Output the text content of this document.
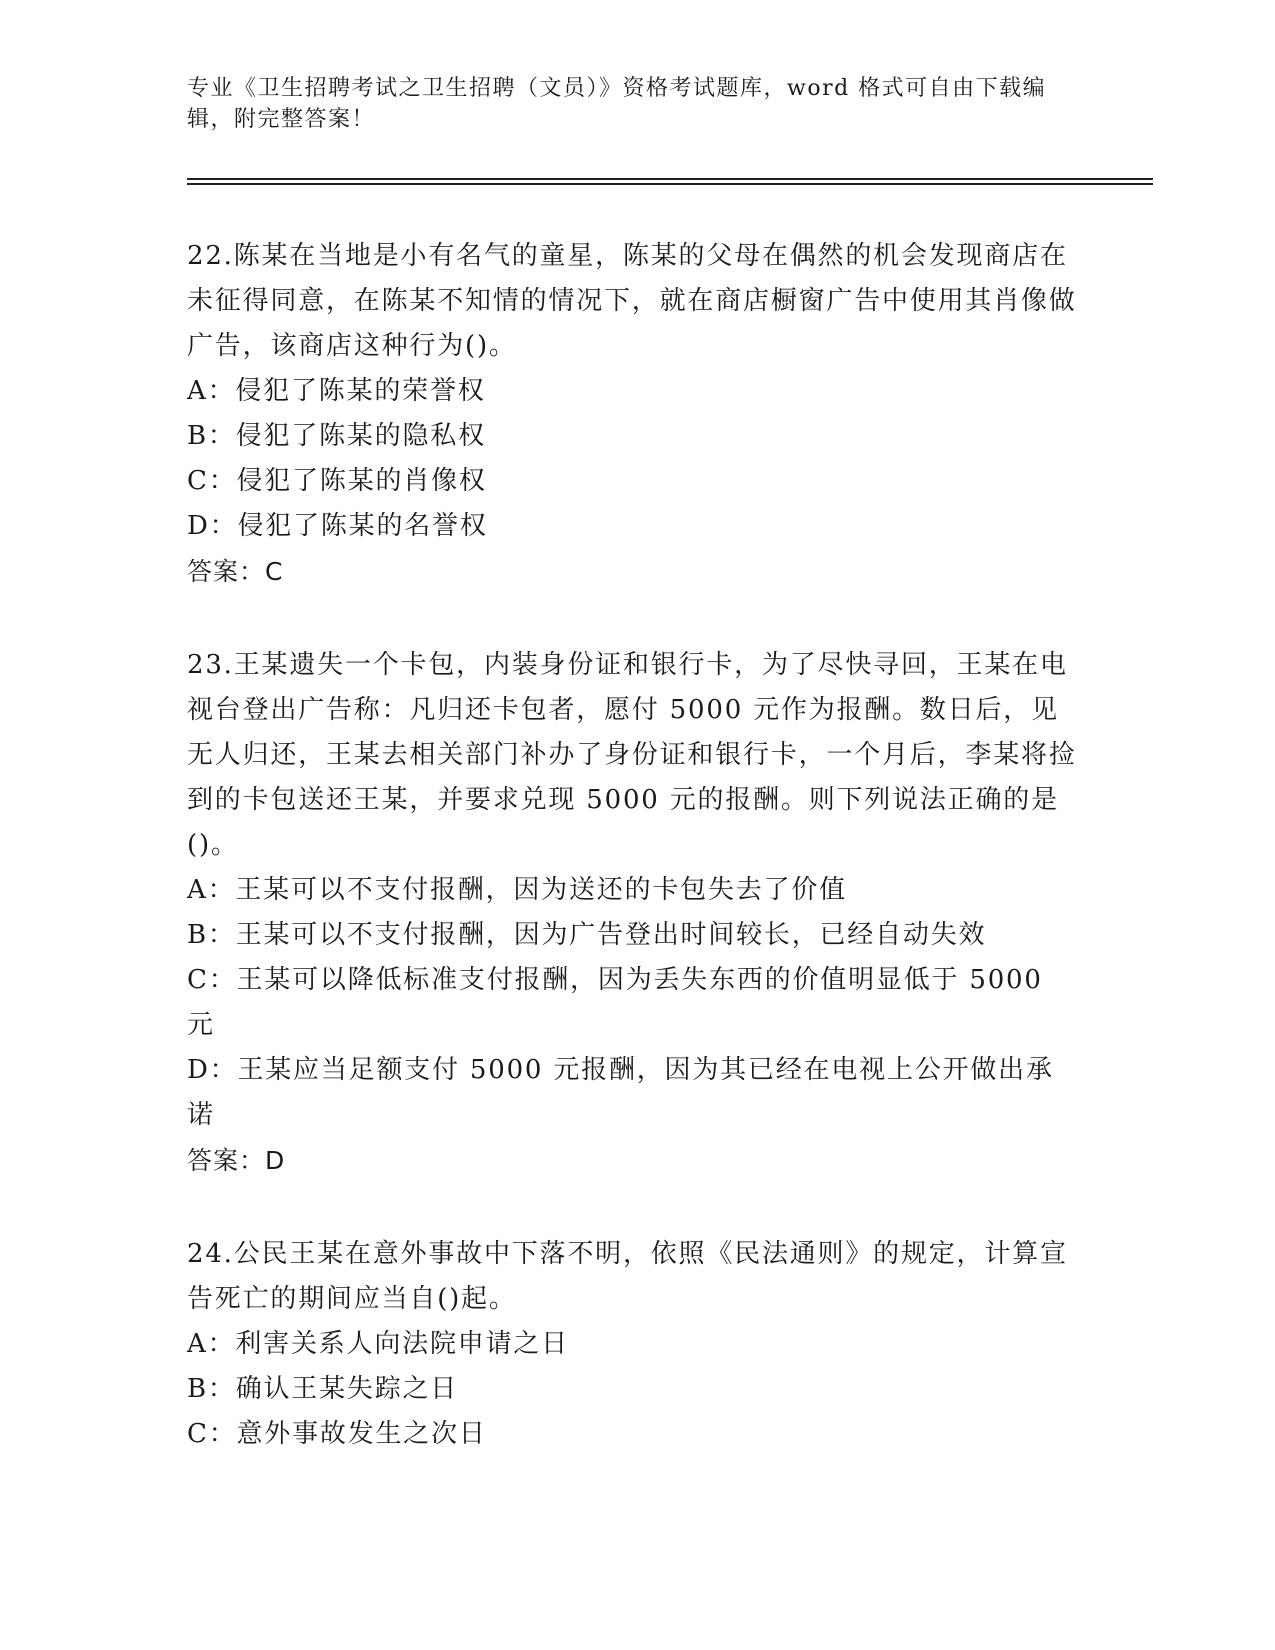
专业《卫生招聘考试之卫生招聘（文员）》资格考试题库，word 格式可自由下载编辑，附完整答案！

22.陈某在当地是小有名气的童星，陈某的父母在偶然的机会发现商店在未征得同意，在陈某不知情的情况下，就在商店橱窗广告中使用其肖像做广告，该商店这种行为()。

A：侵犯了陈某的荣誉权

B：侵犯了陈某的隐私权

C：侵犯了陈某的肖像权

D：侵犯了陈某的名誉权

答案：C

23.王某遗失一个卡包，内装身份证和银行卡，为了尽快寻回，王某在电视台登出广告称：凡归还卡包者，愿付 5000 元作为报酬。数日后，见无人归还，王某去相关部门补办了身份证和银行卡，一个月后，李某将捡到的卡包送还王某，并要求兑现 5000 元的报酬。则下列说法正确的是()。

A：王某可以不支付报酬，因为送还的卡包失去了价值

B：王某可以不支付报酬，因为广告登出时间较长，已经自动失效

C：王某可以降低标准支付报酬，因为丢失东西的价值明显低于 5000 元

D：王某应当足额支付 5000 元报酬，因为其已经在电视上公开做出承诺

答案：D

24.公民王某在意外事故中下落不明，依照《民法通则》的规定，计算宣告死亡的期间应当自()起。

A：利害关系人向法院申请之日

B：确认王某失踪之日

C：意外事故发生之次日
